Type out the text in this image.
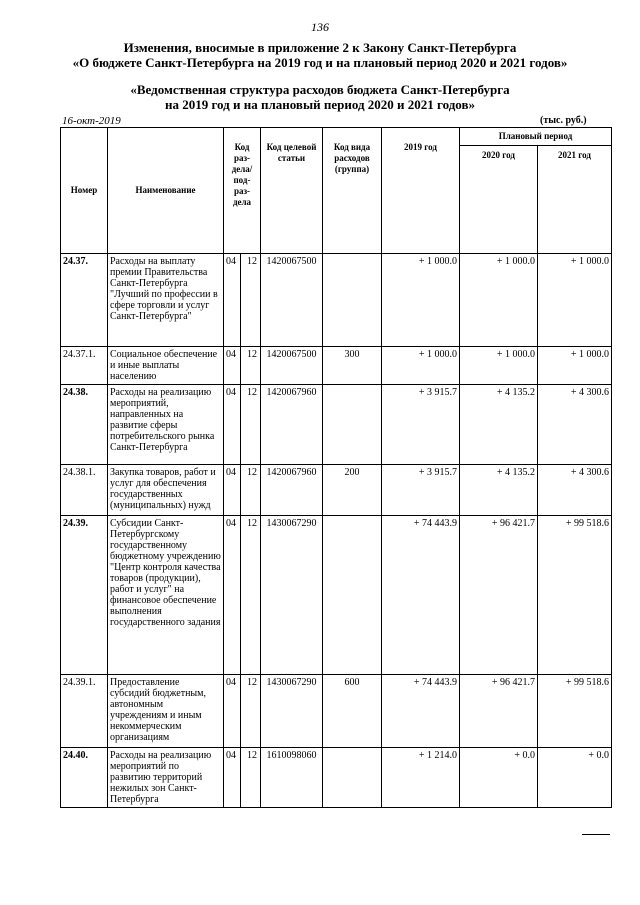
136
Изменения, вносимые в приложение 2 к Закону Санкт-Петербурга
«О бюджете Санкт-Петербурга на 2019 год и на плановый период 2020 и 2021 годов»
«Ведомственная структура расходов бюджета Санкт-Петербурга
на 2019 год и на плановый период 2020 и 2021 годов»
16-окт-2019	(тыс. руб.)
Номер	Наименование	Код раз- дела/ под- раз- дела		Код целевой статьи	Код вида расходов (группа)	2019 год	Плановый период	
							2020 год	2021 год
24.37.	Расходы на выплату премии Правительства Санкт-Петербурга "Лучший по профессии в сфере торговли и услуг Санкт-Петербурга"	04	12	1420067500		+ 1 000.0	+ 1 000.0	+ 1 000.0
24.37.1.	Социальное обеспечение и иные выплаты населению	04	12	1420067500	300	+ 1 000.0	+ 1 000.0	+ 1 000.0
24.38.	Расходы на реализацию мероприятий, направленных на развитие сферы потребительского рынка Санкт-Петербурга	04	12	1420067960		+ 3 915.7	+ 4 135.2	+ 4 300.6
24.38.1.	Закупка товаров, работ и услуг для обеспечения государственных (муниципальных) нужд	04	12	1420067960	200	+ 3 915.7	+ 4 135.2	+ 4 300.6
24.39.	Субсидии Санкт-Петербургскому государственному бюджетному учреждению "Центр контроля качества товаров (продукции), работ и услуг" на финансовое обеспечение выполнения государственного задания	04	12	1430067290		+ 74 443.9	+ 96 421.7	+ 99 518.6
24.39.1.	Предоставление субсидий бюджетным, автономным учреждениям и иным некоммерческим организациям	04	12	1430067290	600	+ 74 443.9	+ 96 421.7	+ 99 518.6
24.40.	Расходы на реализацию мероприятий по развитию территорий нежилых зон Санкт-Петербурга	04	12	1610098060		+ 1 214.0	+ 0.0	+ 0.0
